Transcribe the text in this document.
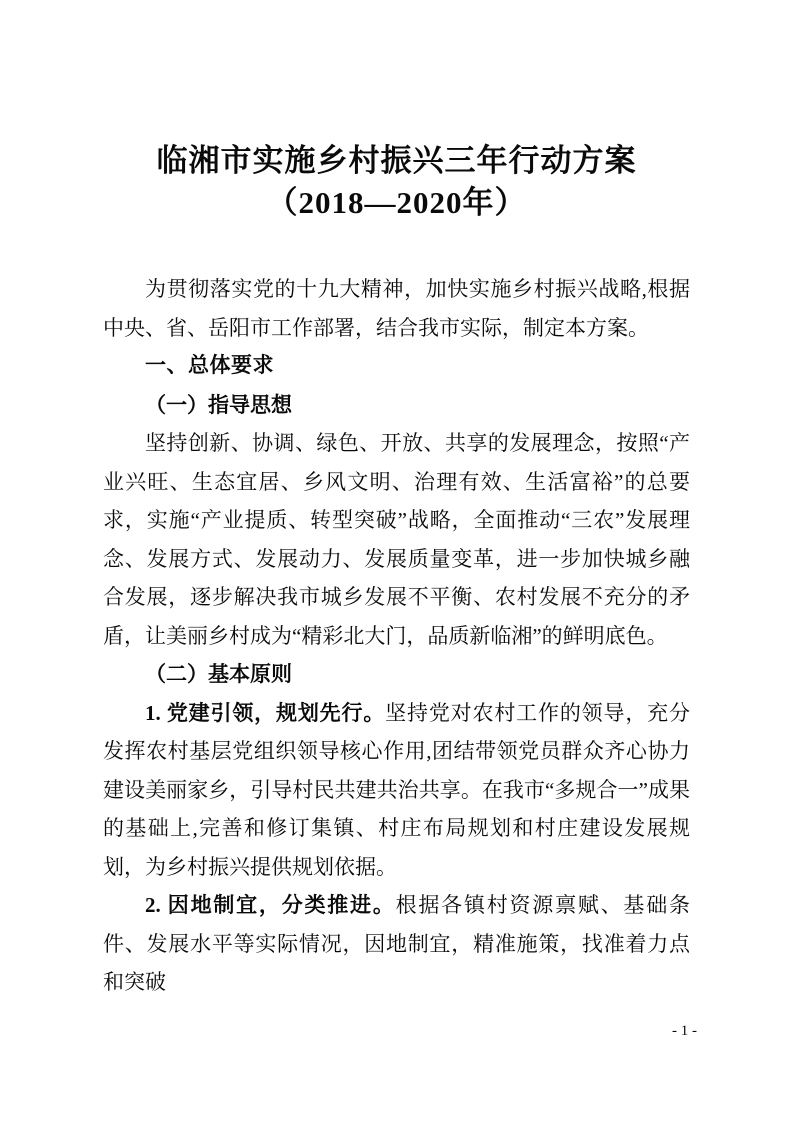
临湘市实施乡村振兴三年行动方案
（2018—2020年）

为贯彻落实党的十九大精神，加快实施乡村振兴战略,根据中央、省、岳阳市工作部署，结合我市实际，制定本方案。

一、总体要求

（一）指导思想

坚持创新、协调、绿色、开放、共享的发展理念，按照“产业兴旺、生态宜居、乡风文明、治理有效、生活富裕”的总要求，实施“产业提质、转型突破”战略，全面推动“三农”发展理念、发展方式、发展动力、发展质量变革，进一步加快城乡融合发展，逐步解决我市城乡发展不平衡、农村发展不充分的矛盾，让美丽乡村成为“精彩北大门，品质新临湘”的鲜明底色。

（二）基本原则

1. 党建引领，规划先行。坚持党对农村工作的领导，充分发挥农村基层党组织领导核心作用,团结带领党员群众齐心协力建设美丽家乡，引导村民共建共治共享。在我市“多规合一”成果的基础上,完善和修订集镇、村庄布局规划和村庄建设发展规划，为乡村振兴提供规划依据。

2. 因地制宜，分类推进。根据各镇村资源禀赋、基础条件、发展水平等实际情况，因地制宜，精准施策，找准着力点和突破

- 1 -
